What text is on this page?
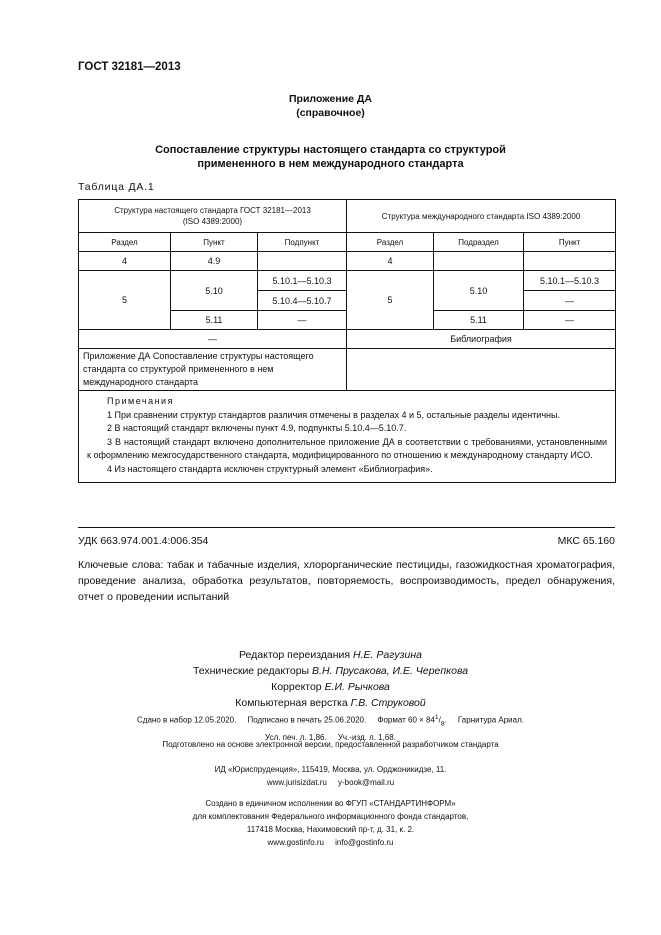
ГОСТ 32181—2013
Приложение ДА
(справочное)
Сопоставление структуры настоящего стандарта со структурой
примененного в нем международного стандарта
Таблица ДА.1
Структура настоящего стандарта ГОСТ 32181—2013
(ISO 4389:2000)			Структура международного стандарта ISO 4389:2000		
Раздел	Пункт	Подпункт	Раздел	Подраздел	Пункт
4	4.9		4		
5	5.10	5.10.1—5.10.3	5	5.10	5.10.1—5.10.3
		5.10.4—5.10.7			—
	5.11	—		5.11	—
—			Библиография		
Приложение ДА Сопоставление структуры настоящего стандарта со структурой примененного в нем международного стандарта					

Примечания
1 При сравнении структур стандартов различия отмечены в разделах 4 и 5, остальные разделы идентичны.
2 В настоящий стандарт включены пункт 4.9, подпункты 5.10.4—5.10.7.
3 В настоящий стандарт включено дополнительное приложение ДА в соответствии с требованиями, установленными к оформлению межгосударственного стандарта, модифицированного по отношению к международному стандарту ИСО.
4 Из настоящего стандарта исключен структурный элемент «Библиография».					
УДК 663.974.001.4:006.354	МКС 65.160
Ключевые слова: табак и табачные изделия, хлорорганические пестициды, газожидкостная хроматография, проведение анализа, обработка результатов, повторяемость, воспроизводимость, предел обнаружения, отчет о проведении испытаний
Редактор переиздания Н.Е. Рагузина
Технические редакторы В.Н. Прусакова, И.Е. Черепкова
Корректор Е.И. Рычкова
Компьютерная верстка Г.В. Струковой
Сдано в набор 12.05.2020. Подписано в печать 25.06.2020. Формат $60 \times 84^1/_8$.     Гарнитура Ариал.
Усл. печ. л. 1,86. Уч.-изд. л. 1,68.
Подготовлено на основе электронной версии, предоставленной разработчиком стандарта
ИД «Юриспруденция», 115419, Москва, ул. Орджоникидзе, 11.
www.jurisizdat.ru y-book@mail.ru
Создано в единичном исполнении во ФГУП «СТАНДАРТИНФОРМ»
для комплектования Федерального информационного фонда стандартов,
117418 Москва, Нахимовский пр-т, д. 31, к. 2.
www.gostinfo.ru info@gostinfo.ru
